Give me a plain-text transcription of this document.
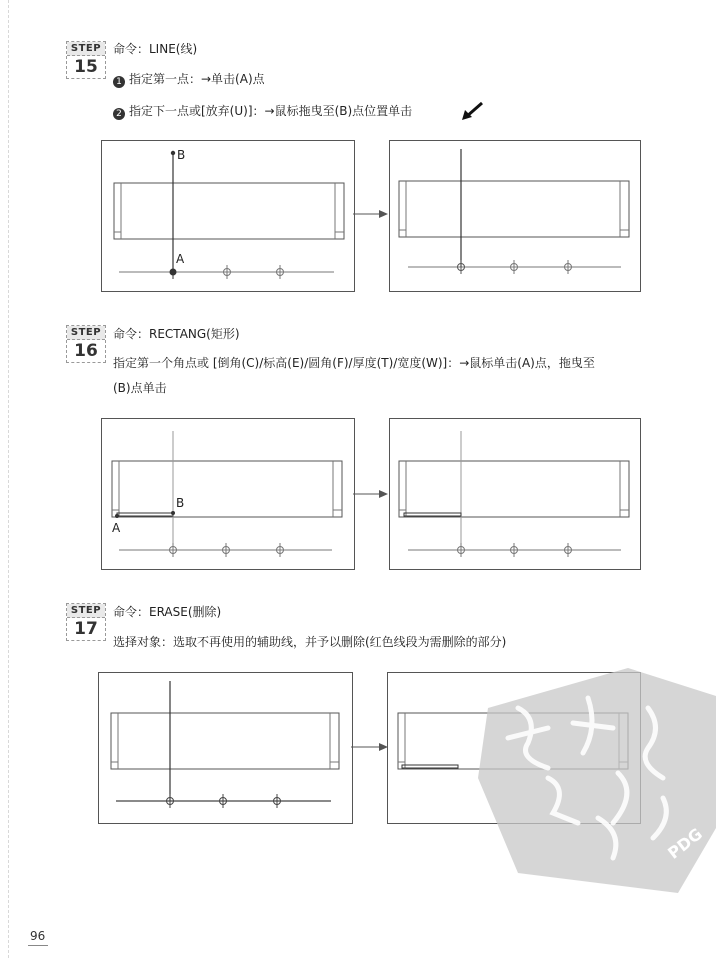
STEP
15
命令：LINE(线)
1 指定第一点：→单击(A)点
2 指定下一点或[放弃(U)]：→鼠标拖曳至(B)点位置单击
B
A
STEP
16
命令：RECTANG(矩形)
指定第一个角点或 [倒角(C)/标高(E)/圆角(F)/厚度(T)/宽度(W)]：→鼠标单击(A)点，拖曳至
(B)点单击
B
A
STEP
17
命令：ERASE(删除)
选择对象：选取不再使用的辅助线，并予以删除(红色线段为需删除的部分)
PDG
96
